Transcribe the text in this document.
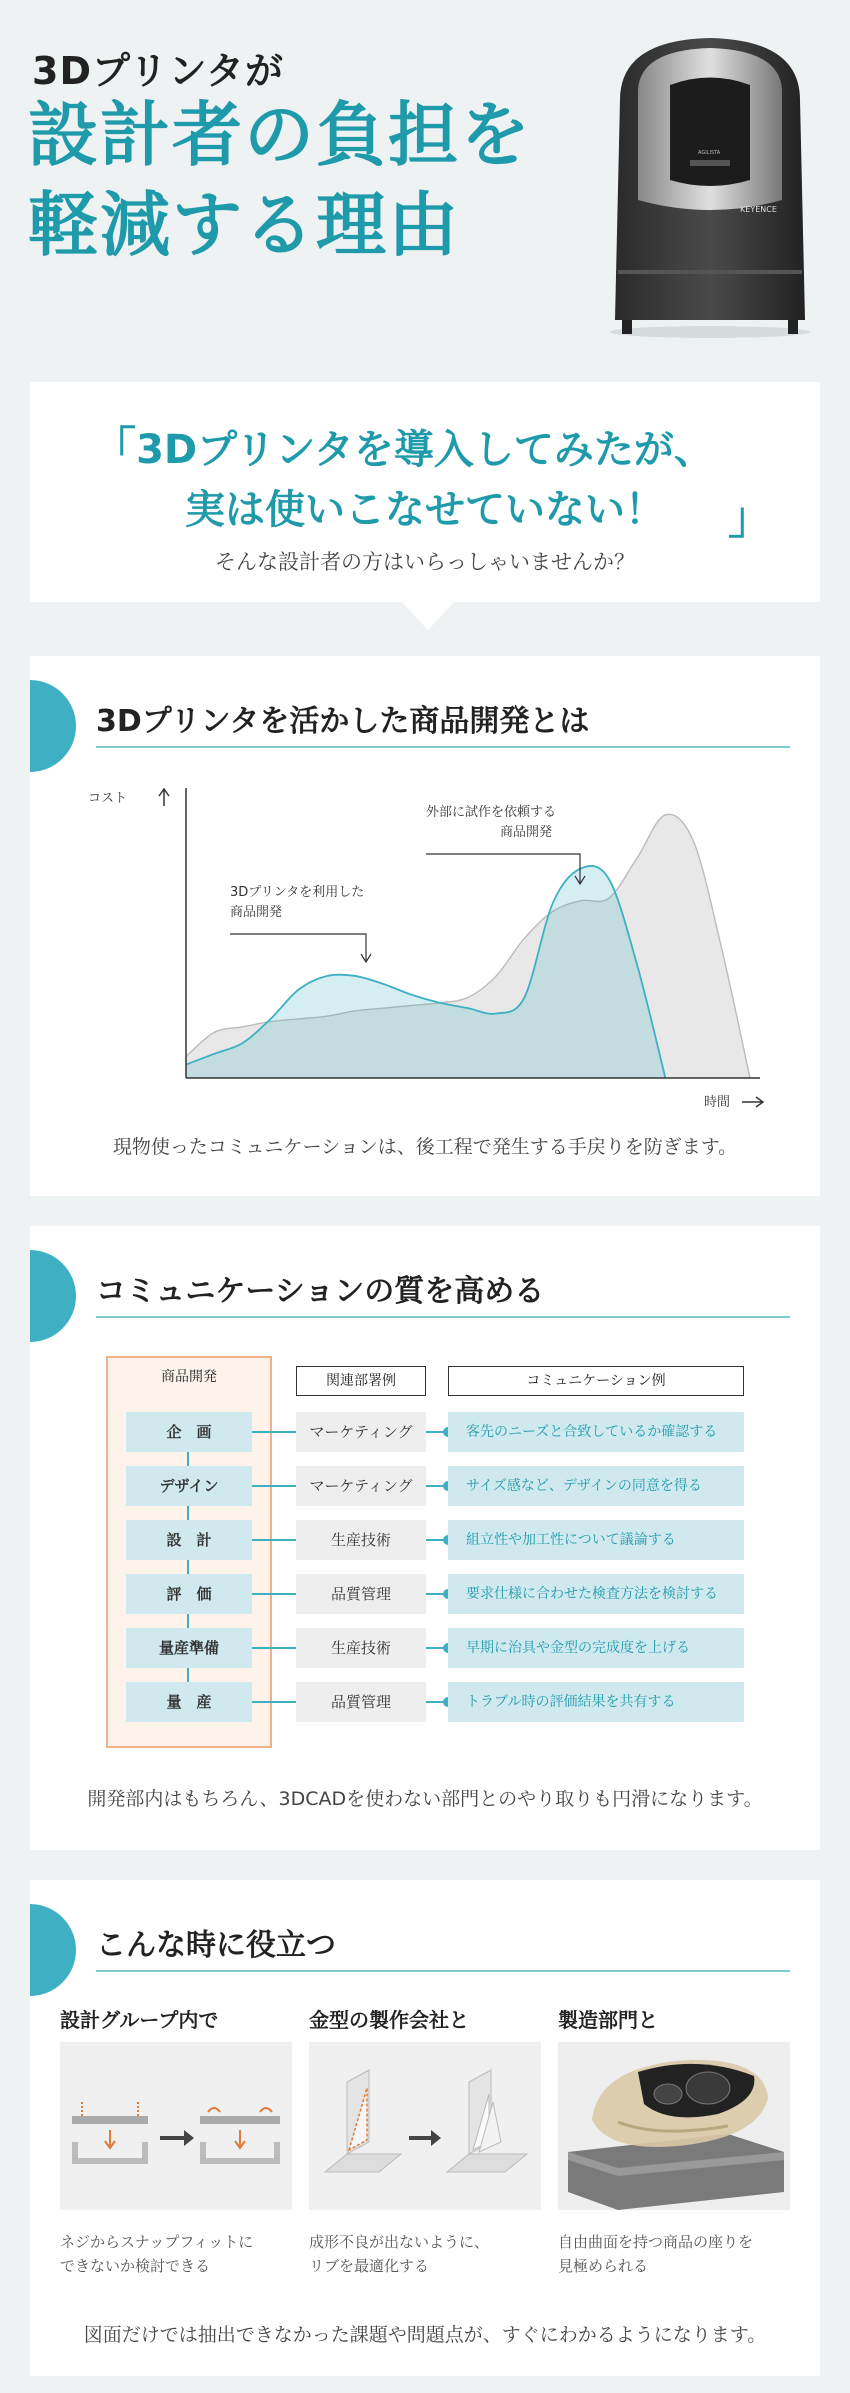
3Dプリンタが
設計者の負担を
軽減する理由	KEYENCE
AGILISTA
「 3Dプリンタを導入してみたが、
実は使いこなせていない！	」
そんな設計者の方はいらっしゃいませんか？
3Dプリンタを活かした商品開発とは
コスト
時間
3Dプリンタを利用した
商品開発
外部に試作を依頼する
商品開発
現物使ったコミュニケーションは、後工程で発生する手戻りを防ぎます。
コミュニケーションの質を高める
商品開発	関連部署例	コミュニケーション例
企　画	マーケティング	客先のニーズと合致しているか確認する
デザイン	マーケティング	サイズ感など、デザインの同意を得る
設　計	生産技術	組立性や加工性について議論する
評　価	品質管理	要求仕様に合わせた検査方法を検討する
量産準備	生産技術	早期に治具や金型の完成度を上げる
量　産	品質管理	トラブル時の評価結果を共有する
開発部内はもちろん、3DCADを使わない部門とのやり取りも円滑になります。
こんな時に役立つ
設計グループ内で
ネジからスナップフィットに
できないか検討できる
金型の製作会社と
成形不良が出ないように、
リブを最適化する
製造部門と
自由曲面を持つ商品の座りを
見極められる
図面だけでは抽出できなかった課題や問題点が、すぐにわかるようになります。
